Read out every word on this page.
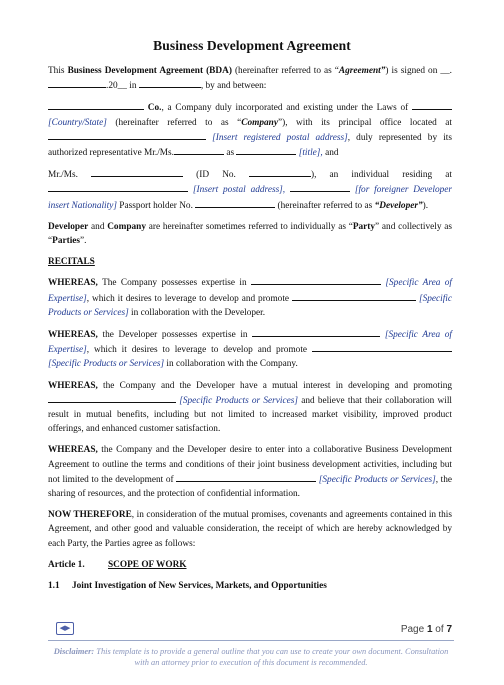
Business Development Agreement

This Business Development Agreement (BDA) (hereinafter referred to as “Agreement”) is signed on __. .20__ in	, by and between:

Co., a Company duly incorporated and existing under the Laws of  [Country/State] (hereinafter referred to as “Company”), with its principal office located at  [Insert registered postal address], duly represented by its authorized representative Mr./Ms.	as	[title], and

Mr./Ms.	(ID No.	), an individual residing at  [Insert postal address],	[for foreigner Developer insert Nationality] Passport holder No.	(hereinafter referred to as “Developer”).

Developer and Company are hereinafter sometimes referred to individually as “Party” and collectively as “Parties”.

RECITALS

WHEREAS, The Company possesses expertise in	[Specific Area of Expertise], which it desires to leverage to develop and promote	[Specific Products or Services] in collaboration with the Developer.

WHEREAS, the Developer possesses expertise in	[Specific Area of Expertise], which it desires to leverage to develop and promote  [Specific Products or Services] in collaboration with the Company.

WHEREAS, the Company and the Developer have a mutual interest in developing and promoting  [Specific Products or Services] and believe that their collaboration will result in mutual benefits, including but not limited to increased market visibility, improved product offerings, and enhanced customer satisfaction.

WHEREAS, the Company and the Developer desire to enter into a collaborative Business Development Agreement to outline the terms and conditions of their joint business development activities, including but not limited to the development of	[Specific Products or Services], the sharing of resources, and the protection of confidential information.

NOW THEREFORE, in consideration of the mutual promises, covenants and agreements contained in this Agreement, and other good and valuable consideration, the receipt of which are hereby acknowledged by each Party, the Parties agree as follows:

Article 1.	SCOPE OF WORK

1.1 Joint Investigation of New Services, Markets, and Opportunities

◀▶	Page 1 of 7
Disclaimer: This template is to provide a general outline that you can use to create your own document. Consultation with an attorney prior to execution of this document is recommended.
